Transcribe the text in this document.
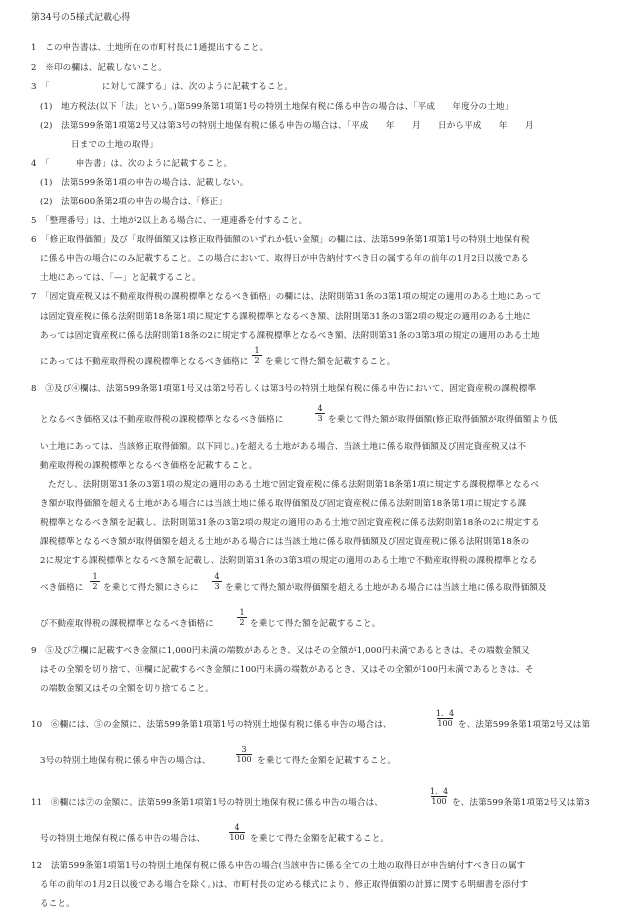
第34号の5様式記載心得
1　この申告書は、土地所在の市町村長に1通提出すること。
2　※印の欄は、記載しないこと。
3　「　　　　　　に対して課する」は、次のように記載すること。
(1)　地方税法(以下「法」という。)第599条第1項第1号の特別土地保有税に係る申告の場合は、「平成　　年度分の土地」
(2)　法第599条第1項第2号又は第3号の特別土地保有税に係る申告の場合は、「平成　　年　　月　　日から平成　　年　　月
日までの土地の取得」
4　「　　　申告書」は、次のように記載すること。
(1)　法第599条第1項の申告の場合は、記載しない。
(2)　法第600条第2項の申告の場合は、「修正」
5　「整理番号」は、土地が2以上ある場合に、一連連番を付すること。
6　「修正取得価額」及び「取得価額又は修正取得価額のいずれか低い金額」の欄には、法第599条第1項第1号の特別土地保有税
に係る申告の場合にのみ記載すること。この場合において、取得日が申告納付すべき日の属する年の前年の1月2日以後である
土地にあっては、「—」と記載すること。
7　「固定資産税又は不動産取得税の課税標準となるべき価格」の欄には、法附則第31条の3第1項の規定の適用のある土地にあって
は固定資産税に係る法附則第18条第1項に規定する課税標準となるべき額、法附則第31条の3第2項の規定の適用のある土地に
あっては固定資産税に係る法附則第18条の2に規定する課税標準となるべき額、法附則第31条の3第3項の規定の適用のある土地
にあっては不動産取得税の課税標準となるべき価格に
1
2 を乗じて得た額を記載すること。
8　③及び④欄は、法第599条第1項第1号又は第2号若しくは第3号の特別土地保有税に係る申告において、固定資産税の課税標準
となるべき価格又は不動産取得税の課税標準となるべき価格に
4
3 を乗じて得た額が取得価額(修正取得価額が取得価額より低
い土地にあっては、当該修正取得価額。以下同じ。)を超える土地がある場合、当該土地に係る取得価額及び固定資産税又は不
動産取得税の課税標準となるべき価格を記載すること。
ただし、法附則第31条の3第1項の規定の適用のある土地で固定資産税に係る法附則第18条第1項に規定する課税標準となるべ
き額が取得価額を超える土地がある場合には当該土地に係る取得価額及び固定資産税に係る法附則第18条第1項に規定する課
税標準となるべき額を記載し、法附則第31条の3第2項の規定の適用のある土地で固定資産税に係る法附則第18条の2に規定する
課税標準となるべき額が取得価額を超える土地がある場合には当該土地に係る取得価額及び固定資産税に係る法附則第18条の
2に規定する課税標準となるべき額を記載し、法附則第31条の3第3項の規定の適用のある土地で不動産取得税の課税標準となる
べき価格に
1
2 を乗じて得た額にさらに
4
3 を乗じて得た額が取得価額を超える土地がある場合には当該土地に係る取得価額及
び不動産取得税の課税標準となるべき価格に
1
2 を乗じて得た額を記載すること。
9　⑤及び⑦欄に記載すべき金額に1,000円未満の端数があるとき、又はその全額が1,000円未満であるときは、その端数金額又
はその全額を切り捨て、⑪欄に記載するべき金額に100円未満の端数があるとき、又はその全額が100円未満であるときは、そ
の端数金額又はその全額を切り捨てること。
10　⑥欄には、⑤の金額に、法第599条第1項第1号の特別土地保有税に係る申告の場合は、
1．4
100 を、法第599条第1項第2号又は第
3号の特別土地保有税に係る申告の場合は、
3
100 を乗じて得た金額を記載すること。
11　⑧欄には⑦の金額に、法第599条第1項第1号の特別土地保有税に係る申告の場合は、
1．4
100 を、法第599条第1項第2号又は第3
号の特別土地保有税に係る申告の場合は、
4
100 を乗じて得た金額を記載すること。
12　法第599条第1項第1号の特別土地保有税に係る申告の場合(当該申告に係る全ての土地の取得日が申告納付すべき日の属す
る年の前年の1月2日以後である場合を除く。)は、市町村長の定める様式により、修正取得価額の計算に関する明細書を添付す
ること。
